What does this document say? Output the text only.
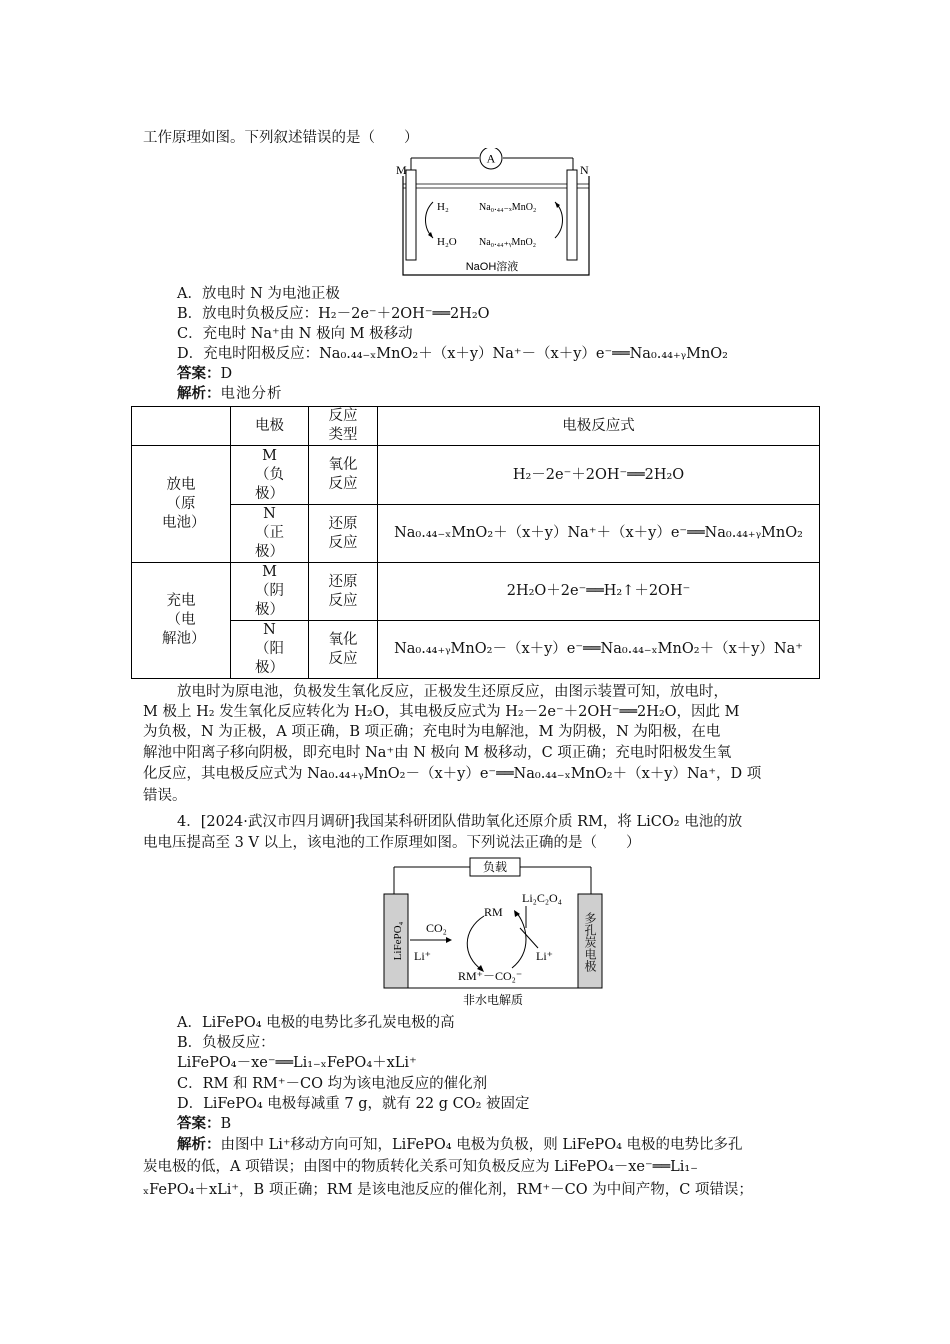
工作原理如图。下列叙述错误的是（　　）
A
M	N
H₂
H₂O
Na₀.₄₄₋ₓMnO₂
Na₀.₄₄₊ᵧMnO₂
NaOH溶液
A．放电时 N 为电池正极
B．放电时负极反应：H₂－2e⁻＋2OH⁻══2H₂O
C．充电时 Na⁺由 N 极向 M 极移动
D．充电时阳极反应：Na₀.₄₄₋ₓMnO₂＋（x＋y）Na⁺－（x＋y）e⁻══Na₀.₄₄₊ᵧMnO₂
答案：D
解析：电池分析
	电极	反应类型	电极反应式
放电（原电池）	M（负极）	氧化反应	H₂－2e⁻＋2OH⁻══2H₂O
	N（正极）	还原反应	Na₀.₄₄₋ₓMnO₂＋（x＋y）Na⁺＋（x＋y）e⁻══Na₀.₄₄₊ᵧMnO₂
充电（电解池）	M（阴极）	还原反应	2H₂O＋2e⁻══H₂↑＋2OH⁻
	N（阳极）	氧化反应	Na₀.₄₄₊ᵧMnO₂－（x＋y）e⁻══Na₀.₄₄₋ₓMnO₂＋（x＋y）Na⁺
放电时为原电池，负极发生氧化反应，正极发生还原反应，由图示装置可知，放电时，
M 极上 H₂ 发生氧化反应转化为 H₂O，其电极反应式为 H₂－2e⁻＋2OH⁻══2H₂O，因此 M
为负极，N 为正极，A 项正确，B 项正确；充电时为电解池，M 为阴极，N 为阳极，在电
解池中阳离子移向阴极，即充电时 Na⁺由 N 极向 M 极移动，C 项正确；充电时阳极发生氧
化反应，其电极反应式为 Na₀.₄₄₊ᵧMnO₂－（x＋y）e⁻══Na₀.₄₄₋ₓMnO₂＋（x＋y）Na⁺，D 项
错误。
4．[2024·武汉市四月调研]我国某科研团队借助氧化还原介质 RM，将 LiCO₂ 电池的放
电电压提高至 3 V 以上，该电池的工作原理如图。下列说法正确的是（　　）
负载
LiFePO₄	多孔炭电极
CO₂
Li⁺
RM
Li₂C₂O₄
Li⁺
RM⁺－CO₂⁻
非水电解质
A．LiFePO₄ 电极的电势比多孔炭电极的高
B．负极反应：
LiFePO₄－xe⁻══Li₁₋ₓFePO₄＋xLi⁺
C．RM 和 RM⁺－CO 均为该电池反应的催化剂
D．LiFePO₄ 电极每减重 7 g，就有 22 g CO₂ 被固定
答案：B
解析：由图中 Li⁺移动方向可知，LiFePO₄ 电极为负极，则 LiFePO₄ 电极的电势比多孔
炭电极的低，A 项错误；由图中的物质转化关系可知负极反应为 LiFePO₄－xe⁻══Li₁₋
ₓFePO₄＋xLi⁺，B 项正确；RM 是该电池反应的催化剂，RM⁺－CO 为中间产物，C 项错误；
